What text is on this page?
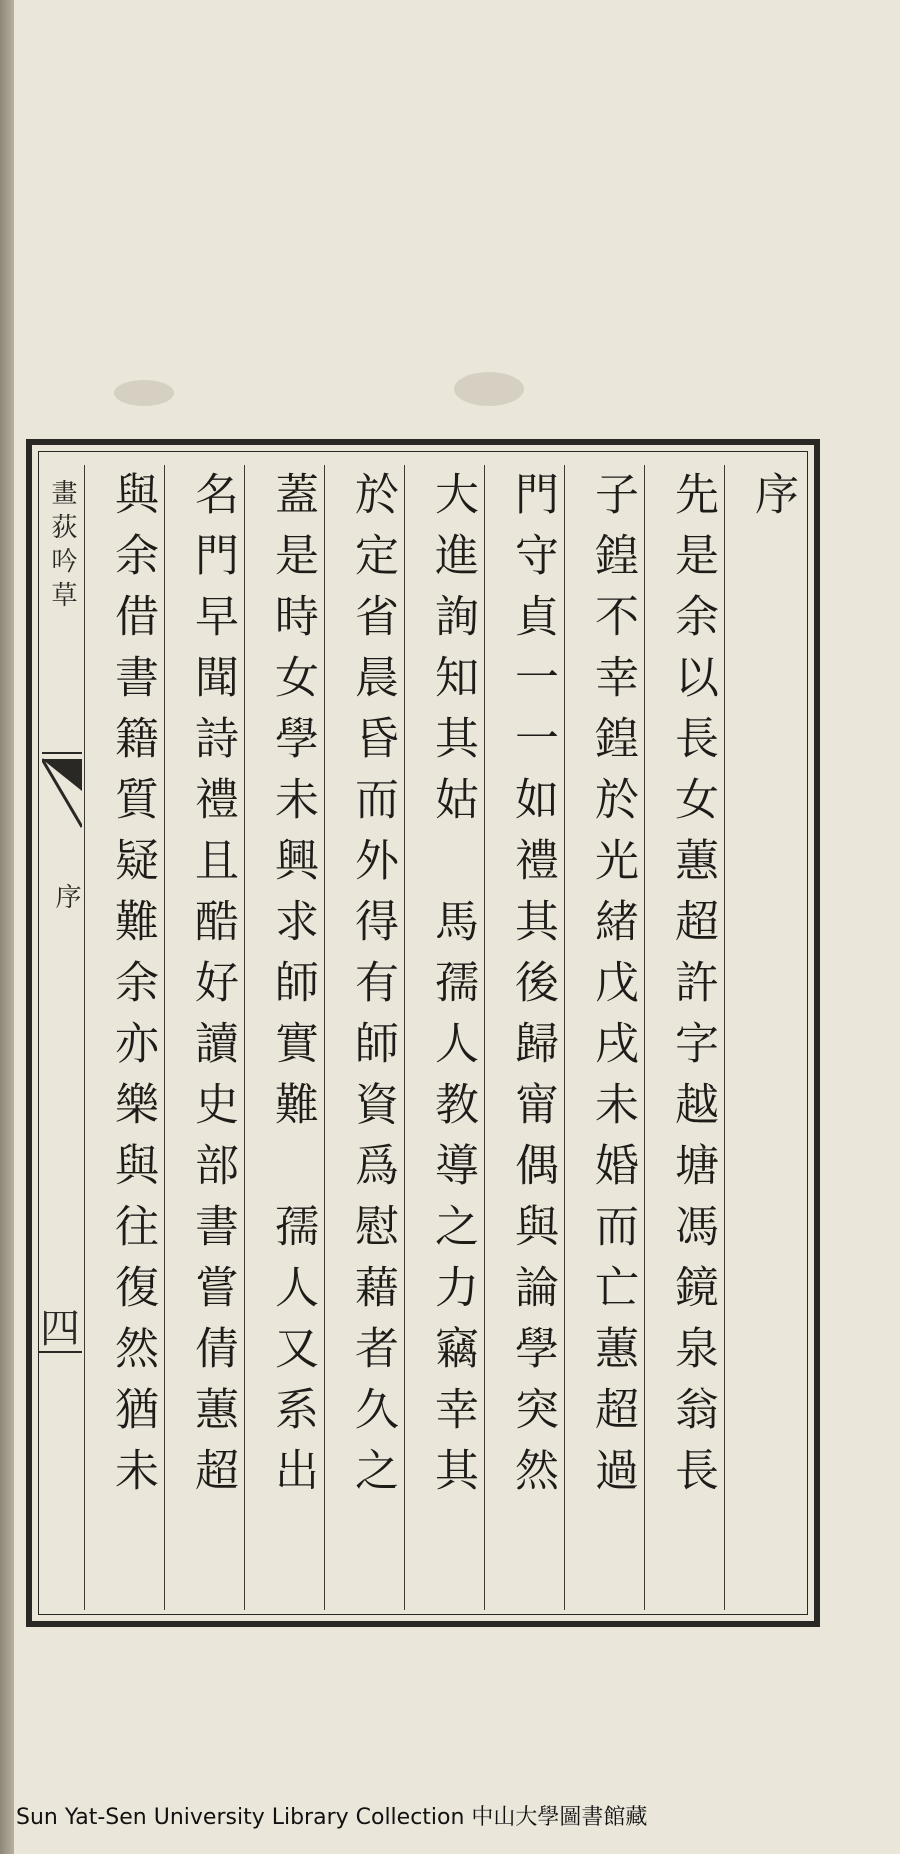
畫荻吟草
序
四
序
先是余以長女蕙超許字越塘馮鏡泉翁長
子鍠不幸鍠於光緒戊戌未婚而亡蕙超過
門守貞一一如禮其後歸甯偶與論學突然
大進詢知其姑　馬孺人教導之力竊幸其
於定省晨昏而外得有師資爲慰藉者久之
蓋是時女學未興求師實難　孺人又系出
名門早聞詩禮且酷好讀史部書嘗倩蕙超
與余借書籍質疑難余亦樂與往復然猶未
Sun Yat-Sen University Library Collection 中山大學圖書館藏
